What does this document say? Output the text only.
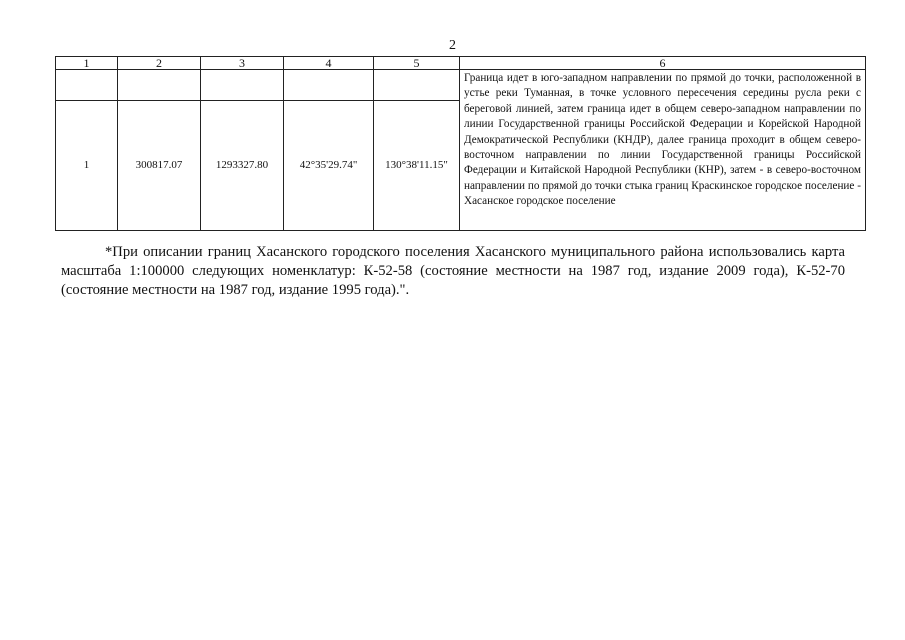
2
1	2	3	4	5	6
					Граница идет в юго-западном направлении по прямой до точки, расположенной в устье реки Туманная, в точке условного пересечения середины русла реки с береговой линией, затем граница идет в общем северо-западном направлении по линии Государственной границы Российской Федерации и Корейской Народной Демократической Республики (КНДР), далее граница проходит в общем северо-восточном направлении по линии Государственной границы Российской Федерации и Китайской Народной Республики (КНР), затем - в северо-восточном направлении по прямой до точки стыка границ Краскинское городское поселение - Хасанское городское поселение
1	300817.07	1293327.80	42°35'29.74"	130°38'11.15"	
*При описании границ Хасанского городского поселения Хасанского муниципального района использовались карта масштаба 1:100000 следующих номенклатур: К-52-58 (состояние местности на 1987 год, издание 2009 года), К-52-70 (состояние местности на 1987 год, издание 1995 года).".
